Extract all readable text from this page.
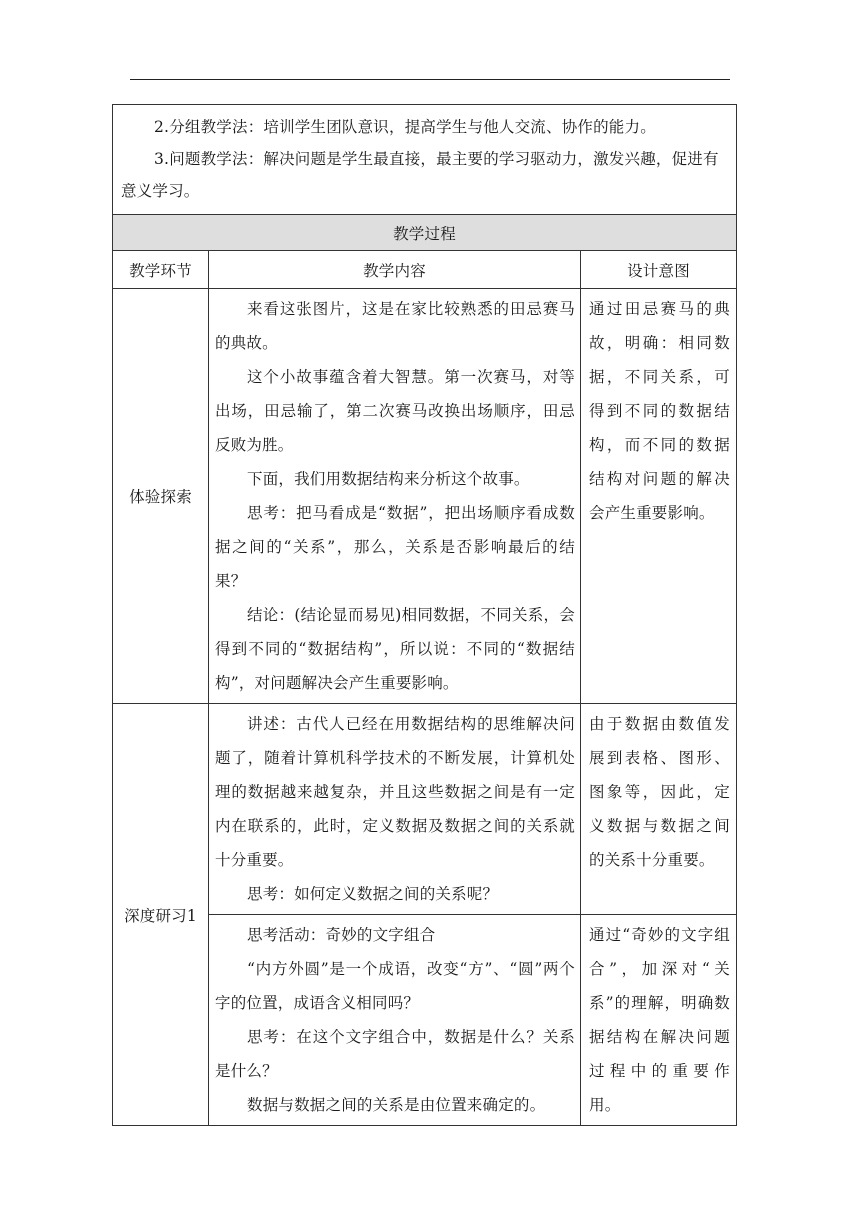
2.分组教学法：培训学生团队意识，提高学生与他人交流、协作的能力。

3.问题教学法：解决问题是学生最直接，最主要的学习驱动力，激发兴趣，促进有意义学习。		

教学过程		
教学环节	教学内容	设计意图
体验探索	来看这张图片，这是在家比较熟悉的田忌赛马的典故。

这个小故事蕴含着大智慧。第一次赛马，对等出场，田忌输了，第二次赛马改换出场顺序，田忌反败为胜。

下面，我们用数据结构来分析这个故事。

思考：把马看成是“数据”，把出场顺序看成数据之间的“关系”，那么，关系是否影响最后的结果？

结论：(结论显而易见)相同数据，不同关系，会得到不同的“数据结构”，所以说：不同的“数据结构”，对问题解决会产生重要影响。	通过田忌赛马的典故，明确：相同数据，不同关系，可得到不同的数据结构，而不同的数据结构对问题的解决会产生重要影响。

深度研习1	讲述：古代人已经在用数据结构的思维解决问题了，随着计算机科学技术的不断发展，计算机处理的数据越来越复杂，并且这些数据之间是有一定内在联系的，此时，定义数据及数据之间的关系就十分重要。

思考：如何定义数据之间的关系呢？	由于数据由数值发展到表格、图形、图象等，因此，定义数据与数据之间的关系十分重要。

	思考活动：奇妙的文字组合

“内方外圆”是一个成语，改变“方”、“圆”两个字的位置，成语含义相同吗？

思考：在这个文字组合中，数据是什么？关系是什么？

数据与数据之间的关系是由位置来确定的。	通过“奇妙的文字组合”，加深对“关系”的理解，明确数据结构在解决问题过程中的重要作用。
